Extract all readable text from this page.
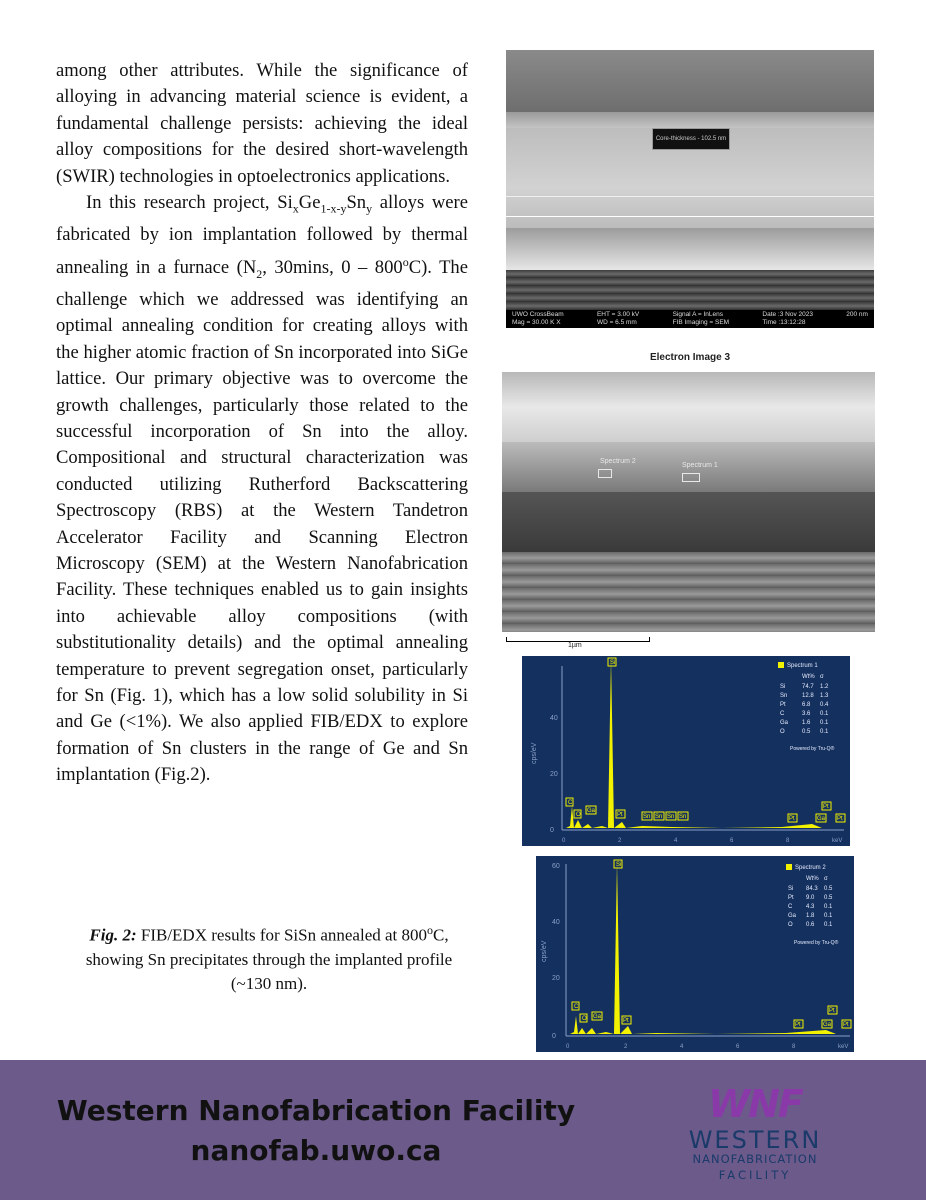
among other attributes. While the significance of alloying in advancing material science is evident, a fundamental challenge persists: achieving the ideal alloy compositions for the desired short-wavelength (SWIR) technologies in optoelectronics applications.

In this research project, $Si_xGe_{1-x-y}Sn_y$ alloys were fabricated by ion implantation followed by thermal annealing in a furnace ($N_2$, 30mins, 0 – 800$^o$C). The challenge which we addressed was identifying an optimal annealing condition for creating alloys with the higher atomic fraction of Sn incorporated into SiGe lattice. Our primary objective was to overcome the growth challenges, particularly those related to the successful incorporation of Sn into the alloy. Compositional and structural characterization was conducted utilizing Rutherford Backscattering Spectroscopy (RBS) at the Western Tandetron Accelerator Facility and Scanning Electron Microscopy (SEM) at the Western Nanofabrication Facility. These techniques enabled us to gain insights into achievable alloy compositions (with substitutionality details) and the optimal annealing temperature to prevent segregation onset, particularly for Sn (Fig. 1), which has a low solid solubility in Si and Ge (<1%). We also applied FIB/EDX to explore formation of Sn clusters in the range of Ge and Sn implantation (Fig.2).

Fig. 2: FIB/EDX results for SiSn annealed at 800$^o$C, showing Sn precipitates through the implanted profile (~130 nm).
Core-thickness - 102.5 nm
UWO CrossBeam
Mag = 30.00 K X
EHT = 3.00 kV
WD = 6.5 mm
Signal A = InLens
FIB Imaging = SEM
Date :3 Nov 2023
Time :13:12:28
200 nm
Electron Image 3
Spectrum 2
Spectrum 1
1µm
cps/eV
40
20
0
0	2	4	6	8	keV
Si
C
O
Ga
Pt	Sn Sn Sn Sn	Pt	Ga
Pt
Pt
Spectrum 1
Wt% σ
Si	74.7 1.2
Sn 12.8 1.3
Pt	6.8 0.4
C	3.6 0.1
Ga 1.6 0.1
O	0.5 0.1
Powered by Tru-Q®
cps/eV
60
40
20
0
0	2	4	6	8	keV
Si
C
O Ga
Pt
Pt	Ga
Pt
Pt
Spectrum 2
Wt% σ
Si 84.3 0.5
Pt 9.0 0.5
C 4.3 0.1
Ga 1.8 0.1
O 0.6 0.1
Powered by Tru-Q®
Western Nanofabrication Facility
nanofab.uwo.ca
WNF
WESTERN
NANOFABRICATION
FACILITY
